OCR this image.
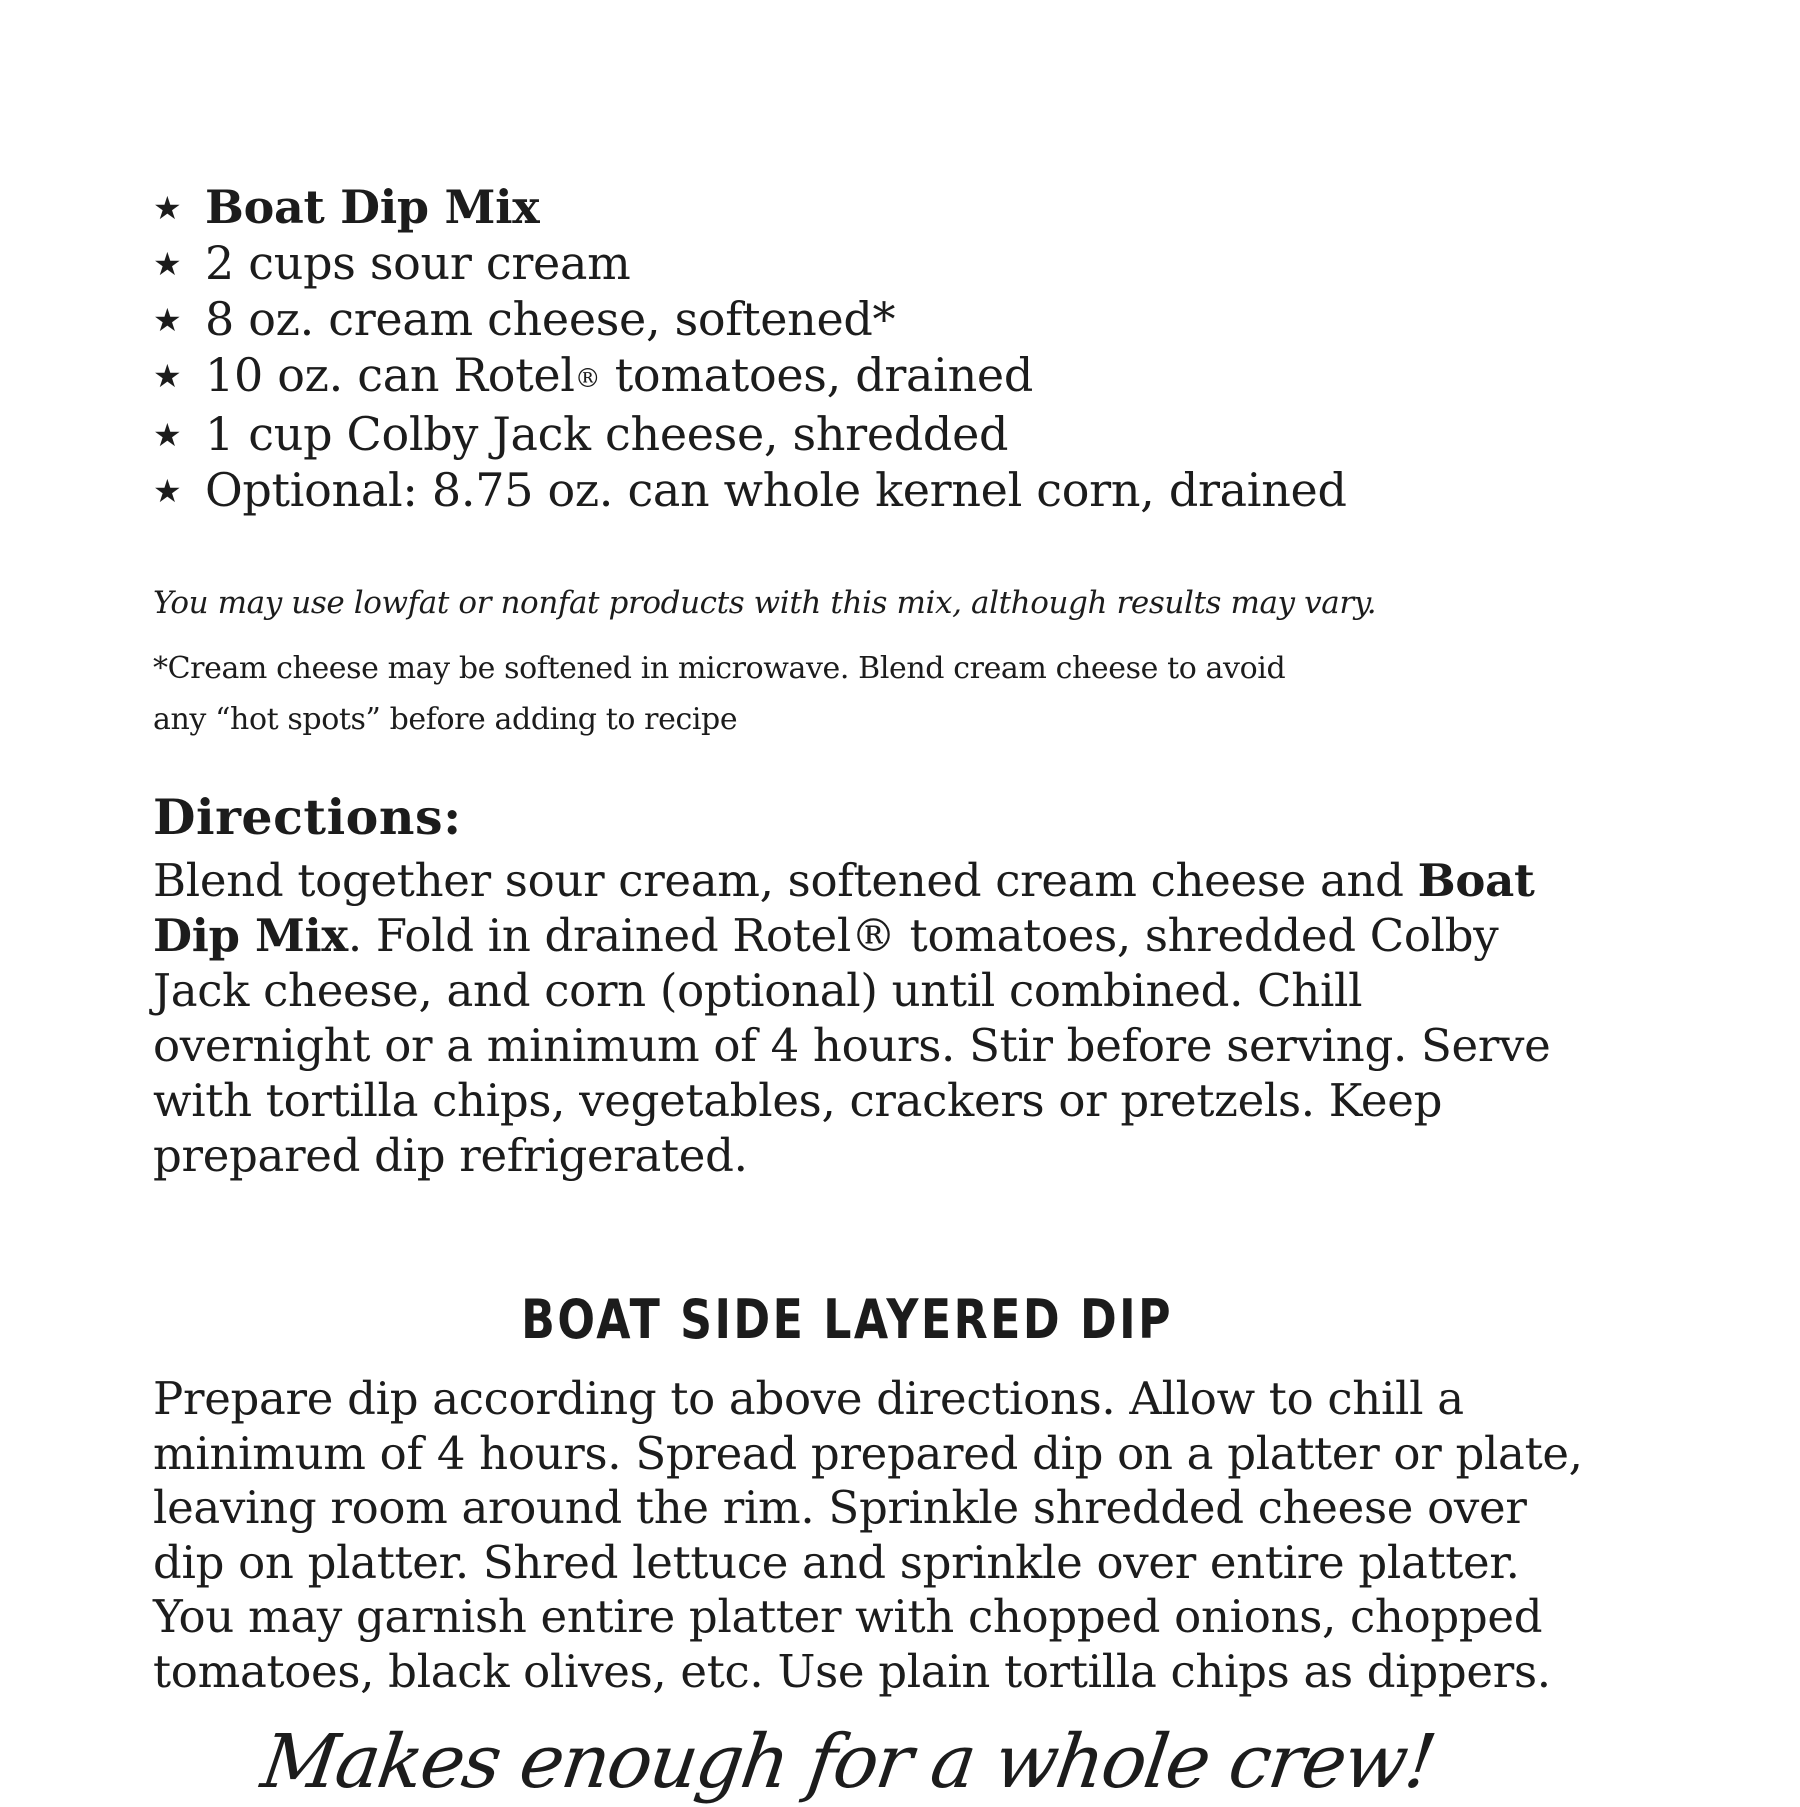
★ Boat Dip Mix
★ 2 cups sour cream
★ 8 oz. cream cheese, softened*
★ 10 oz. can Rotel® tomatoes, drained
★ 1 cup Colby Jack cheese, shredded
★ Optional: 8.75 oz. can whole kernel corn, drained
You may use lowfat or nonfat products with this mix, although results may vary.
*Cream cheese may be softened in microwave. Blend cream cheese to avoid any “hot spots” before adding to recipe
Directions:
Blend together sour cream, softened cream cheese and Boat Dip Mix. Fold in drained Rotel® tomatoes, shredded Colby Jack cheese, and corn (optional) until combined. Chill overnight or a minimum of 4 hours. Stir before serving. Serve with tortilla chips, vegetables, crackers or pretzels. Keep prepared dip refrigerated.
BOAT SIDE LAYERED DIP
Prepare dip according to above directions. Allow to chill a minimum of 4 hours. Spread prepared dip on a platter or plate, leaving room around the rim. Sprinkle shredded cheese over dip on platter. Shred lettuce and sprinkle over entire platter. You may garnish entire platter with chopped onions, chopped tomatoes, black olives, etc. Use plain tortilla chips as dippers.
Makes enough for a whole crew!
